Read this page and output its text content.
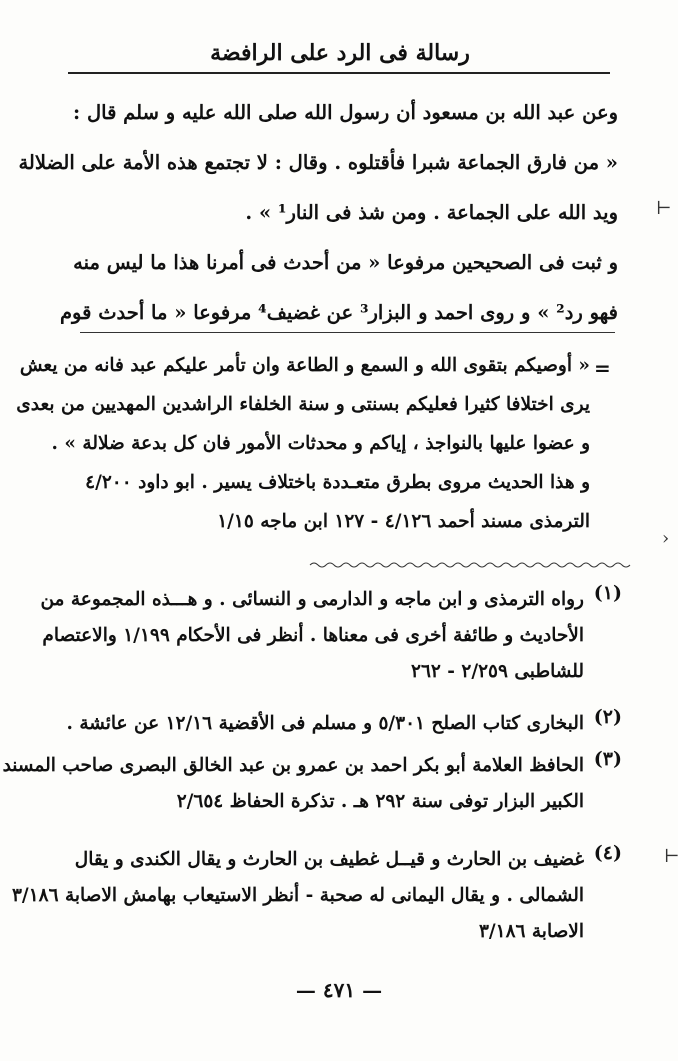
رسالة فى الرد على الرافضة
وعن عبد الله بن مسعود أن رسول الله صلى الله عليه و سلم قال :
« من فارق الجماعة شبرا فأقتلوه . وقال : لا تجتمع هذه الأمة على الضلالة
ويد الله على الجماعة . ومن شذ فى النار¹ » .
و ثبت فى الصحيحين مرفوعا « من أحدث فى أمرنا هذا ما ليس منه
فهو رد² » و روى احمد و البزار³ عن غضيف⁴ مرفوعا « ما أحدث قوم
=
« أوصيكم بتقوى الله و السمع و الطاعة وان تأمر عليكم عبد فانه من يعش
يرى اختلافا كثيرا فعليكم بسنتى و سنة الخلفاء الراشدين المهديين من بعدى
و عضوا عليها بالنواجذ ، إياكم و محدثات الأمور فان كل بدعة ضلالة » .
و هذا الحديث مروى بطرق متعـددة باختلاف يسير . ابو داود ٤/٢٠٠
الترمذى مسند أحمد ٤/١٢٦ - ١٢٧ ابن ماجه ١/١٥
(١)
رواه الترمذى و ابن ماجه و الدارمى و النسائى . و هـــذه المجموعة من
الأحاديث و طائفة أخرى فى معناها . أنظر فى الأحكام ١/١٩٩ والاعتصام
للشاطبى ٢/٢٥٩ - ٢٦٢
(٢)
البخارى كتاب الصلح ٥/٣٠١ و مسلم فى الأقضية ١٢/١٦ عن عائشة .
(٣)
الحافظ العلامة أبو بكر احمد بن عمرو بن عبد الخالق البصرى صاحب المسند
الكبير البزار توفى سنة ٢٩٢ هـ . تذكرة الحفاظ ٢/٦٥٤
(٤)
غضيف بن الحارث و قيــل غطيف بن الحارث و يقال الكندى و يقال
الشمالى . و يقال اليمانى له صحبة - أنظر الاستيعاب بهامش الاصابة ٣/١٨٦
الاصابة ٣/١٨٦
— ٤٧١ —
⊢
›
⊢
